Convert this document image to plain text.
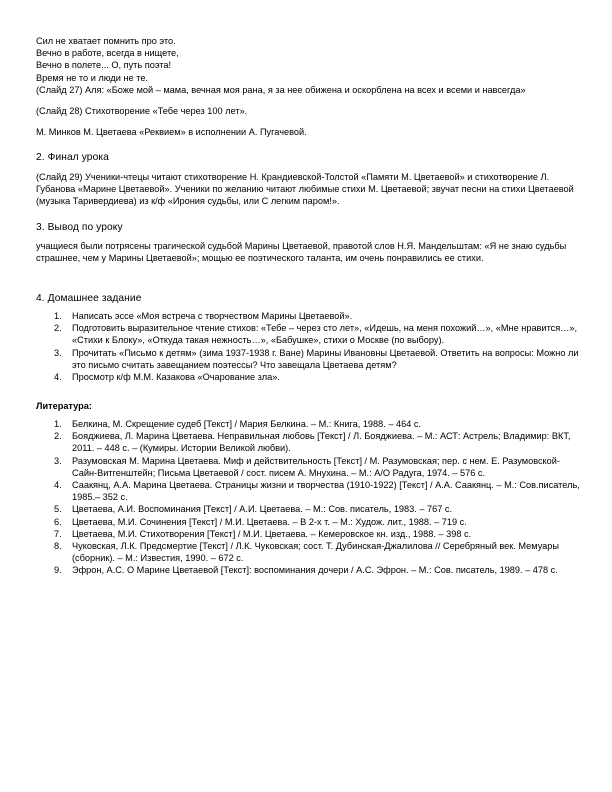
Сил не хватает помнить про это.
Вечно в работе, всегда в нищете,
Вечно в полете... О, путь поэта!
Время не то и люди не те.

(Слайд 27) Аля: «Боже мой – мама, вечная моя рана, я за нее обижена и оскорблена на всех и всеми и навсегда»

(Слайд 28) Стихотворение «Тебе через 100 лет».

М. Минков М. Цветаева «Реквием» в исполнении А. Пугачевой.

2. Финал урока

(Слайд 29) Ученики-чтецы читают стихотворение Н. Крандиевской-Толстой «Памяти М. Цветаевой» и стихотворение Л. Губанова «Марине Цветаевой». Ученики по желанию читают любимые стихи М. Цветаевой; звучат песни на стихи Цветаевой (музыка Таривердиева) из к/ф «Ирония судьбы, или С легким паром!».

3. Вывод по уроку

учащиеся были потрясены трагической судьбой Марины Цветаевой, правотой слов Н.Я. Мандельштам: «Я не знаю судьбы страшнее, чем у Марины Цветаевой»; мощью ее поэтического таланта, им очень понравились ее стихи.

4. Домашнее задание
1. Написать эссе «Моя встреча с творчеством Марины Цветаевой».
2. Подготовить выразительное чтение стихов: «Тебе – через сто лет», «Идешь, на меня похожий…», «Мне нравится…», «Стихи к Блоку», «Откуда такая нежность…», «Бабушке», стихи о Москве (по выбору).
3. Прочитать «Письмо к детям» (зима 1937-1938 г. Ване) Марины Ивановны Цветаевой. Ответить на вопросы: Можно ли это письмо считать завещанием поэтессы? Что завещала Цветаева детям?
4. Просмотр к/ф М.М. Казакова «Очарование зла».
Литература:
1. Белкина, М. Скрещение судеб [Текст] / Мария Белкина. – М.: Книга, 1988. – 464 с.
2. Бояджиева, Л. Марина Цветаева. Неправильная любовь [Текст] / Л. Бояджиева. – М.: АСТ: Астрель; Владимир: ВКТ, 2011. – 448 с. – (Кумиры. Истории Великой любви).
3. Разумовская М. Марина Цветаева. Миф и действительность [Текст] / М. Разумовская; пер. с нем. Е. Разумовской-Сайн-Витгенштейн; Письма Цветаевой / сост. писем А. Мнухина. – М.: А/О Радуга, 1974. – 576 с.
4. Саакянц, А.А. Марина Цветаева. Страницы жизни и творчества (1910-1922) [Текст] / А.А. Саакянц. – М.: Сов.писатель, 1985.– 352 с.
5. Цветаева, А.И. Воспоминания [Текст] / А.И. Цветаева. – М.: Сов. писатель, 1983. – 767 с.
6. Цветаева, М.И. Сочинения [Текст] / М.И. Цветаева. – В 2-х т. – М.: Худож. лит., 1988. – 719 с.
7. Цветаева, М.И. Стихотворения [Текст] / М.И. Цветаева. – Кемеровское кн. изд., 1988. – 398 с.
8. Чуковская, Л.К. Предсмертие [Текст] / Л.К. Чуковская; сост. Т. Дубинская-Джалилова // Серебряный век. Мемуары (сборник). – М.: Известия, 1990. – 672 с.
9. Эфрон, А.С. О Марине Цветаевой [Текст]: воспоминания дочери / А.С. Эфрон. – М.: Сов. писатель, 1989. – 478 с.
